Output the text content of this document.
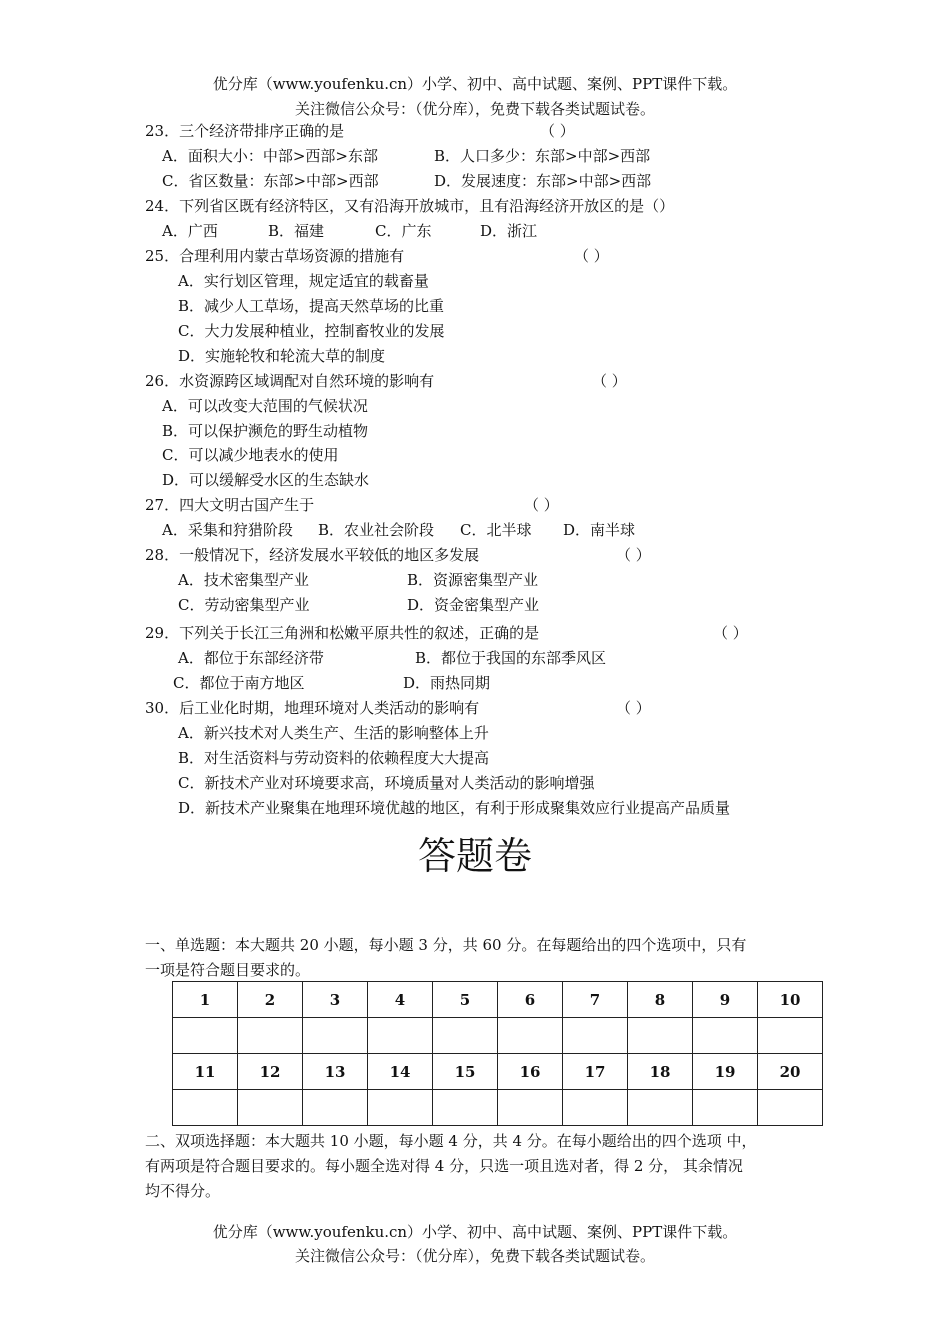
优分库（www.youfenku.cn）小学、初中、高中试题、案例、PPT课件下载。
关注微信公众号：（优分库），免费下载各类试题试卷。
23．三个经济带排序正确的是	（ ）
A．面积大小：中部>西部>东部	B．人口多少：东部>中部>西部
C．省区数量：东部>中部>西部	D．发展速度：东部>中部>西部
24．下列省区既有经济特区，又有沿海开放城市，且有沿海经济开放区的是（）
A．广西	B．福建	C．广东	D．浙江
25．合理利用内蒙古草场资源的措施有	（ ）
A．实行划区管理，规定适宜的载畜量
B．减少人工草场，提高天然草场的比重
C．大力发展种植业，控制畜牧业的发展
D．实施轮牧和轮流大草的制度
26．水资源跨区域调配对自然环境的影响有	（ ）
A．可以改变大范围的气候状况
B．可以保护濒危的野生动植物
C．可以减少地表水的使用
D．可以缓解受水区的生态缺水
27．四大文明古国产生于	（ ）
A．采集和狩猎阶段 B．农业社会阶段 C．北半球 D．南半球
28．一般情况下，经济发展水平较低的地区多发展	（ ）
A．技术密集型产业	B．资源密集型产业
C．劳动密集型产业	D．资金密集型产业
29．下列关于长江三角洲和松嫩平原共性的叙述，正确的是	（ ）
A．都位于东部经济带	B．都位于我国的东部季风区
C．都位于南方地区	D．雨热同期
30．后工业化时期，地理环境对人类活动的影响有	（ ）
A．新兴技术对人类生产、生活的影响整体上升
B．对生活资料与劳动资料的依赖程度大大提高
C．新技术产业对环境要求高，环境质量对人类活动的影响增强
D．新技术产业聚集在地理环境优越的地区，有利于形成聚集效应行业提高产品质量
答题卷
一、单选题：本大题共 20 小题，每小题 3 分，共 60 分。在每题给出的四个选项中，只有
一项是符合题目要求的。
1	2	3	4	5	6	7	8	9	10

11	12	13	14	15	16	17	18	19	20

二、双项选择题：本大题共 10 小题，每小题 4 分，共 4 分。在每小题给出的四个选项 中，
有两项是符合题目要求的。每小题全选对得 4 分，只选一项且选对者，得 2 分， 其余情况
均不得分。
优分库（www.youfenku.cn）小学、初中、高中试题、案例、PPT课件下载。
关注微信公众号：（优分库），免费下载各类试题试卷。
